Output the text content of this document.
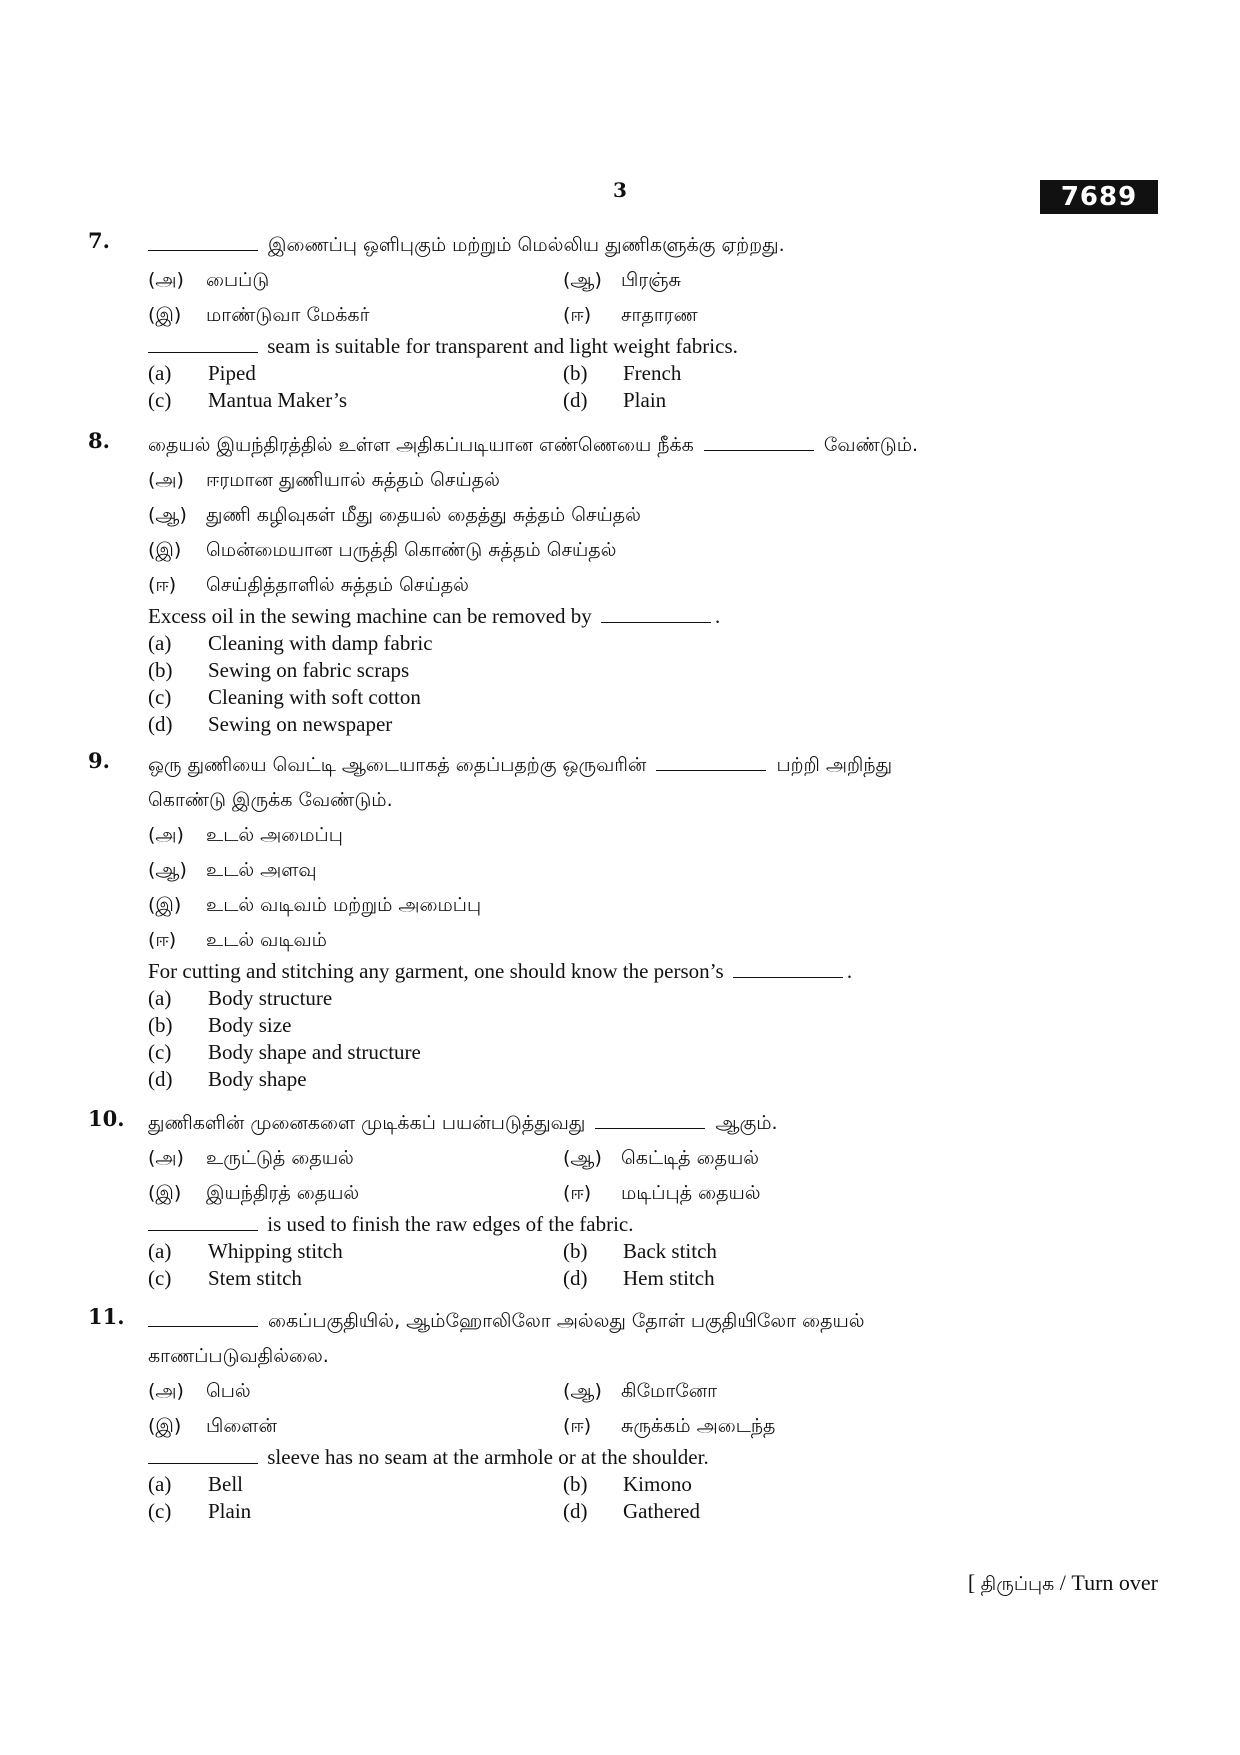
3	7689
7.	இணைப்பு ஒளிபுகும் மற்றும் மெல்லிய துணிகளுக்கு ஏற்றது.
(அ)	பைப்டு	(ஆ)	பிரஞ்சு
(இ)	மாண்டுவா மேக்கர்	(ஈ)	சாதாரண
seam is suitable for transparent and light weight fabrics.
(a)	Piped	(b)	French
(c)	Mantua Maker’s	(d)	Plain
8. தையல் இயந்திரத்தில் உள்ள அதிகப்படியான எண்ணெயை நீக்க	வேண்டும்.
(அ) ஈரமான துணியால் சுத்தம் செய்தல்
(ஆ) துணி கழிவுகள் மீது தையல் தைத்து சுத்தம் செய்தல்
(இ) மென்மையான பருத்தி கொண்டு சுத்தம் செய்தல்
(ஈ) செய்தித்தாளில் சுத்தம் செய்தல்
Excess oil in the sewing machine can be removed by	.
(a) Cleaning with damp fabric
(b) Sewing on fabric scraps
(c) Cleaning with soft cotton
(d) Sewing on newspaper
9. ஒரு துணியை வெட்டி ஆடையாகத் தைப்பதற்கு ஒருவரின்	பற்றி அறிந்து
கொண்டு இருக்க வேண்டும்.
(அ) உடல் அமைப்பு
(ஆ) உடல் அளவு
(இ) உடல் வடிவம் மற்றும் அமைப்பு
(ஈ) உடல் வடிவம்
For cutting and stitching any garment, one should know the person’s	.
(a) Body structure
(b) Body size
(c) Body shape and structure
(d) Body shape
10. துணிகளின் முனைகளை முடிக்கப் பயன்படுத்துவது	ஆகும்.
(அ)	உருட்டுத் தையல்	(ஆ)	கெட்டித் தையல்
(இ)	இயந்திரத் தையல்	(ஈ)	மடிப்புத் தையல்
is used to finish the raw edges of the fabric.
(a)	Whipping stitch	(b)	Back stitch
(c)	Stem stitch	(d)	Hem stitch
11.	கைப்பகுதியில், ஆம்ஹோலிலோ அல்லது தோள் பகுதியிலோ தையல்
காணப்படுவதில்லை.
(அ)	பெல்	(ஆ)	கிமோனோ
(இ)	பிளைன்	(ஈ)	சுருக்கம் அடைந்த
sleeve has no seam at the armhole or at the shoulder.
(a)	Bell	(b)	Kimono
(c)	Plain	(d)	Gathered
[ திருப்புக / Turn over
